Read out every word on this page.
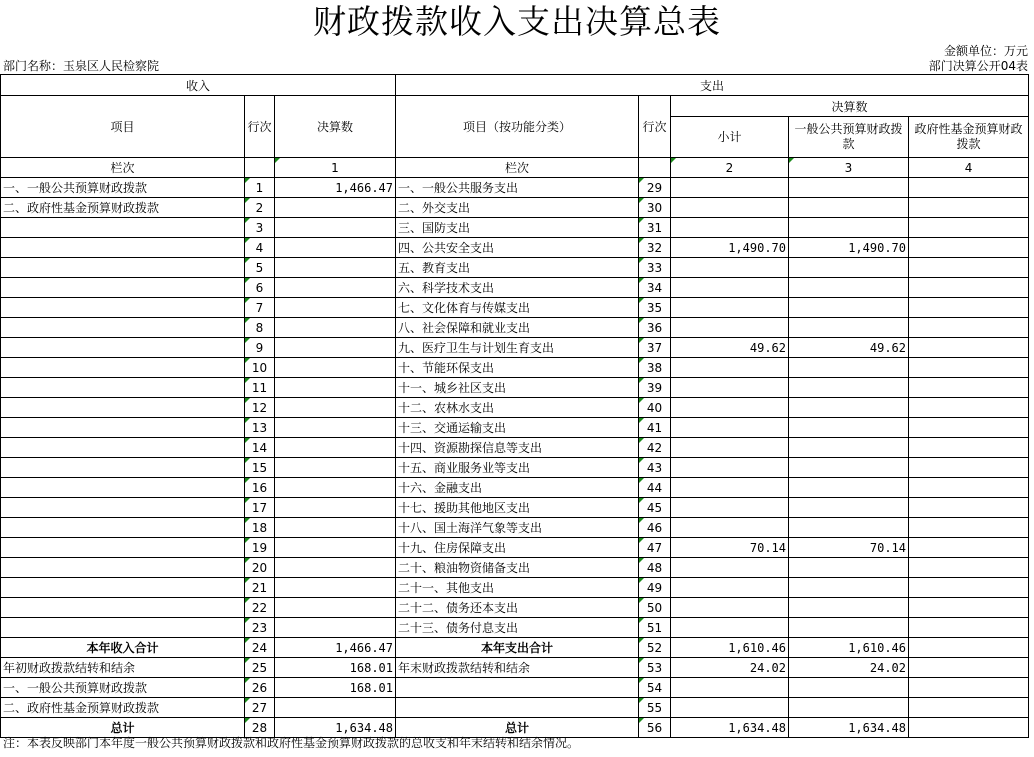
财政拨款收入支出决算总表
金额单位：万元
部门名称：玉泉区人民检察院	部门决算公开04表
收入			支出				
项目	行次	决算数	项目（按功能分类）	行次	决算数		
					小计	一般公共预算财政拨款	政府性基金预算财政拨款
栏次		1	栏次		2	3	4
一、一般公共预算财政拨款	1	1,466.47	一、一般公共服务支出	29			
二、政府性基金预算财政拨款	2		二、外交支出	30			
	3		三、国防支出	31			
	4		四、公共安全支出	32	1,490.70	1,490.70	
	5		五、教育支出	33			
	6		六、科学技术支出	34			
	7		七、文化体育与传媒支出	35			
	8		八、社会保障和就业支出	36			
	9		九、医疗卫生与计划生育支出	37	49.62	49.62	
	10		十、节能环保支出	38			
	11		十一、城乡社区支出	39			
	12		十二、农林水支出	40			
	13		十三、交通运输支出	41			
	14		十四、资源勘探信息等支出	42			
	15		十五、商业服务业等支出	43			
	16		十六、金融支出	44			
	17		十七、援助其他地区支出	45			
	18		十八、国土海洋气象等支出	46			
	19		十九、住房保障支出	47	70.14	70.14	
	20		二十、粮油物资储备支出	48			
	21		二十一、其他支出	49			
	22		二十二、债务还本支出	50			
	23		二十三、债务付息支出	51			
本年收入合计	24	1,466.47	本年支出合计	52	1,610.46	1,610.46	
年初财政拨款结转和结余	25	168.01	年末财政拨款结转和结余	53	24.02	24.02	
一、一般公共预算财政拨款	26	168.01		54			
二、政府性基金预算财政拨款	27			55			
总计	28	1,634.48	总计	56	1,634.48	1,634.48	
注：本表反映部门本年度一般公共预算财政拨款和政府性基金预算财政拨款的总收支和年末结转和结余情况。
